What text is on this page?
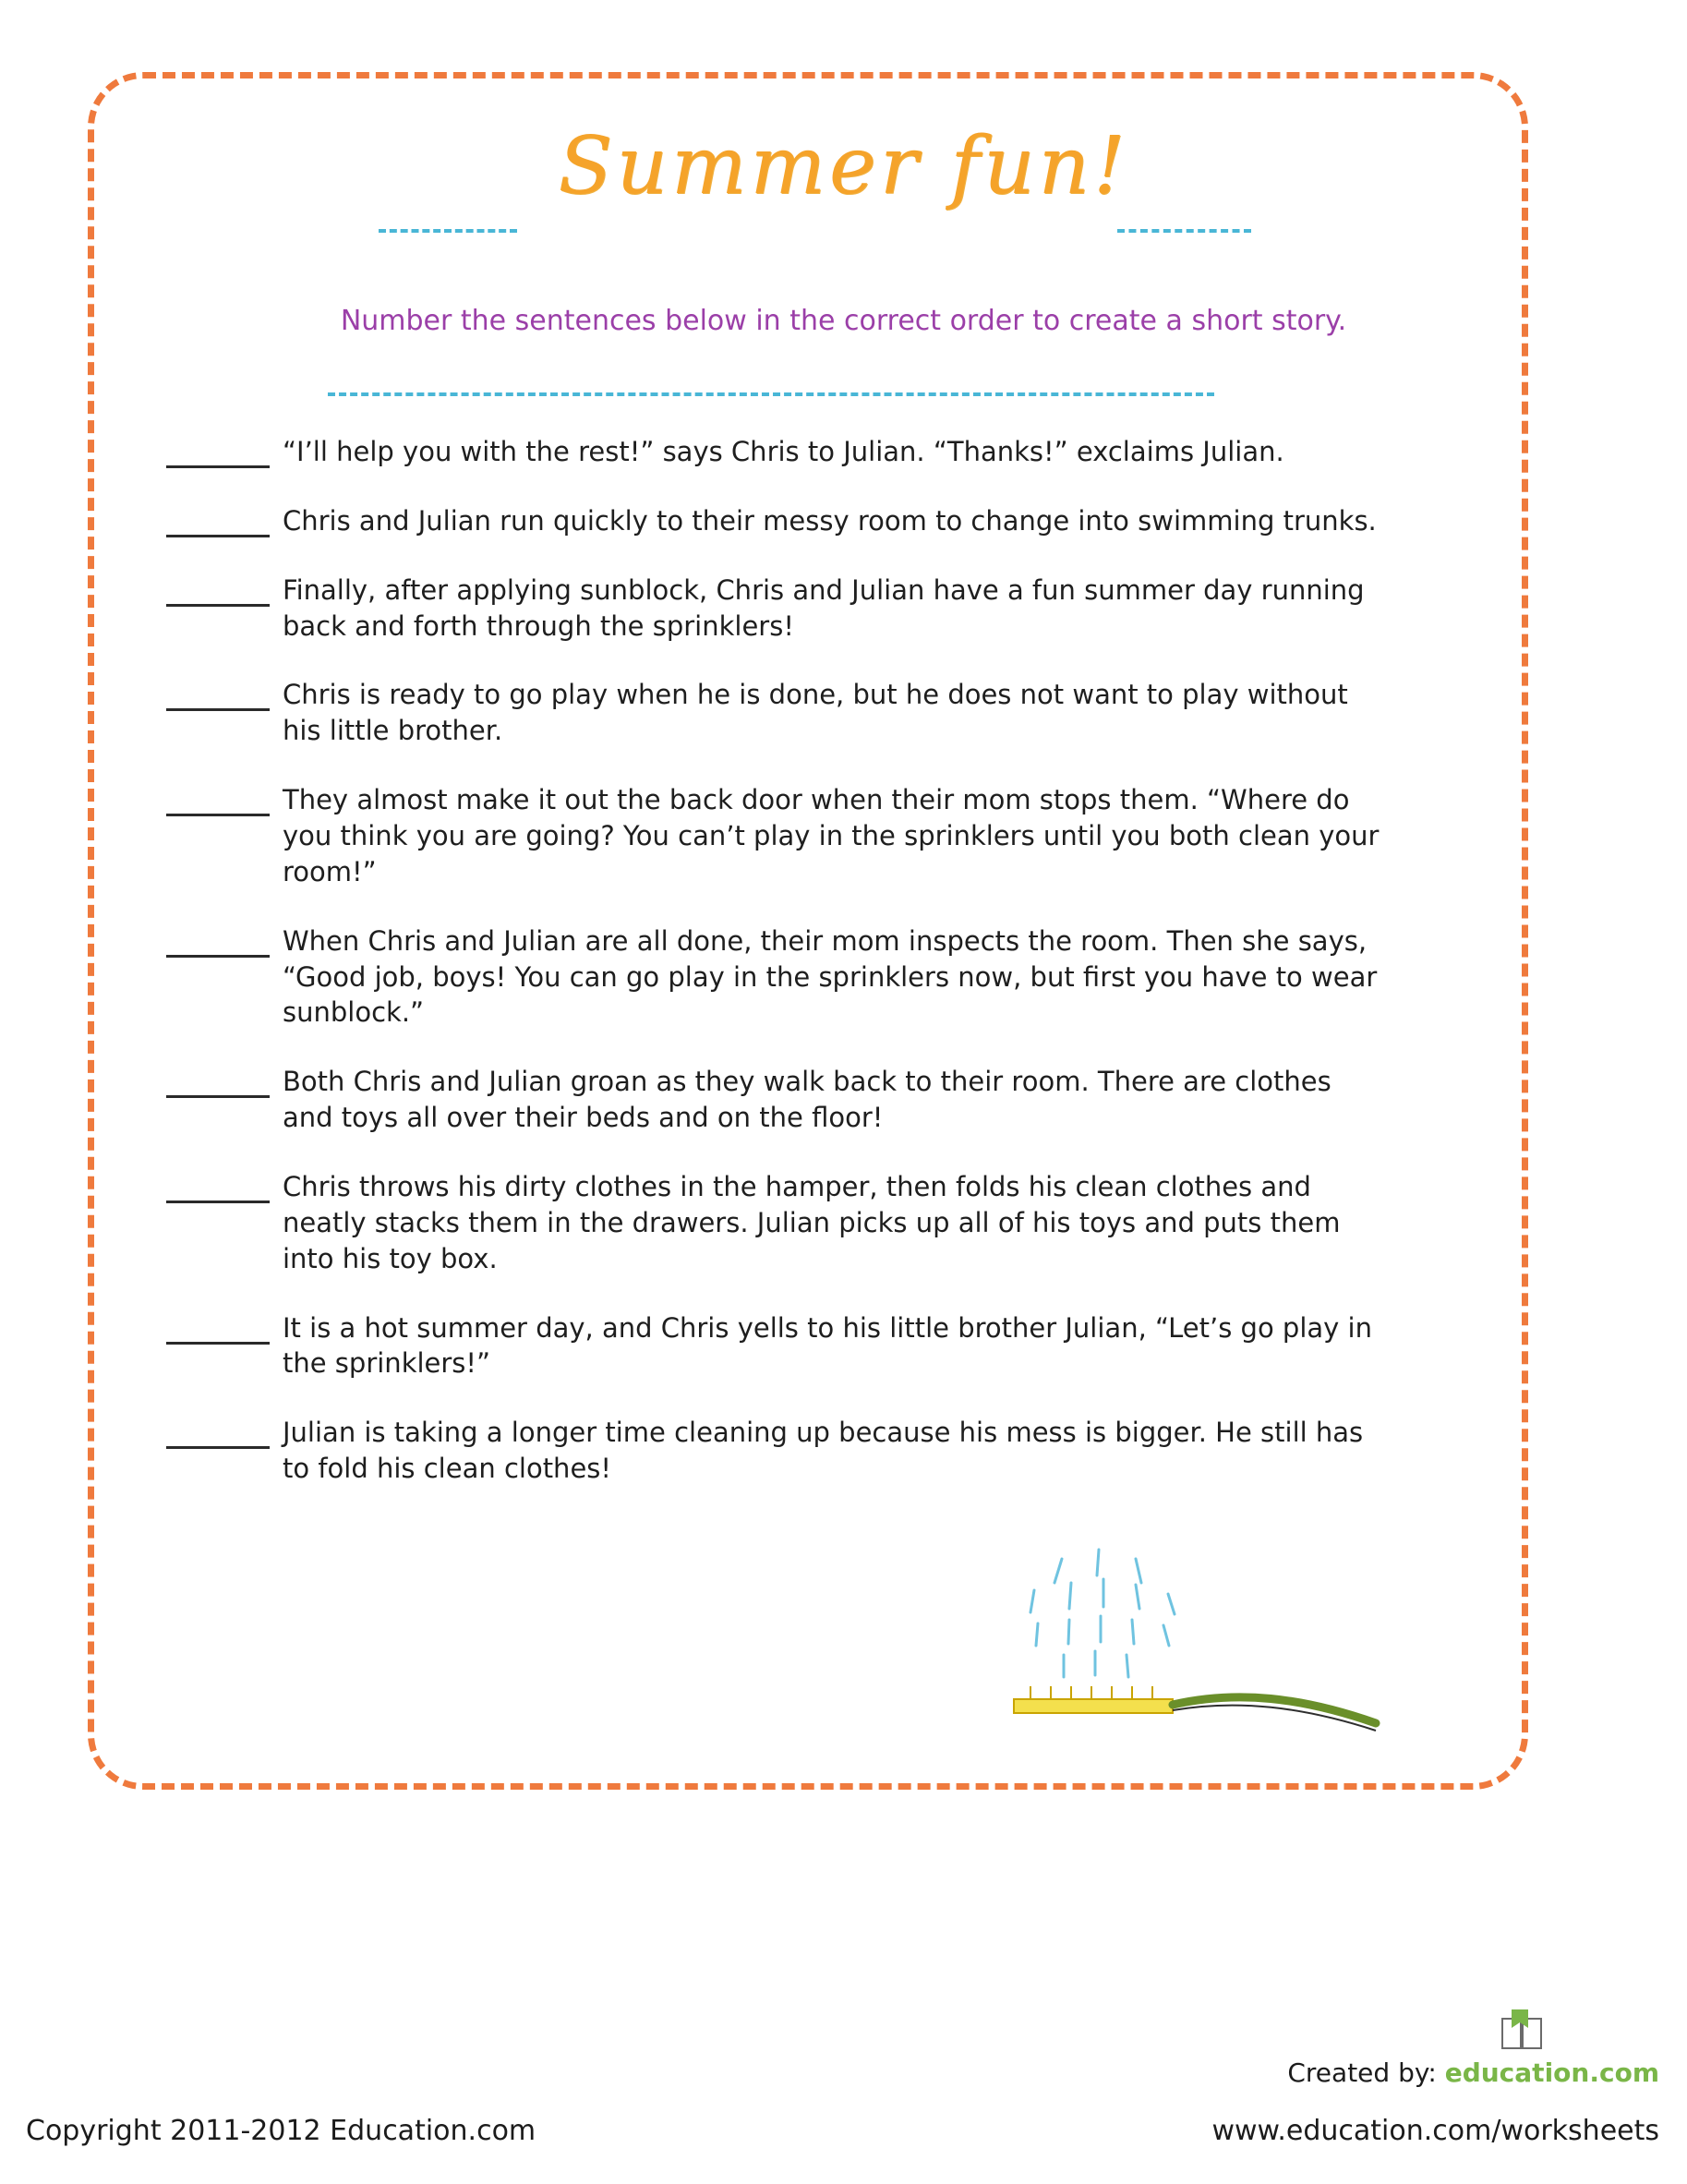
Summer fun!
Number the sentences below in the correct order to create a short story.
“I’ll help you with the rest!” says Chris to Julian. “Thanks!” exclaims Julian.
Chris and Julian run quickly to their messy room to change into swimming trunks.
Finally, after applying sunblock, Chris and Julian have a fun summer day running back and forth through the sprinklers!
Chris is ready to go play when he is done, but he does not want to play without his little brother.
They almost make it out the back door when their mom stops them. “Where do you think you are going? You can’t play in the sprinklers until you both clean your room!”
When Chris and Julian are all done, their mom inspects the room. Then she says, “Good job, boys! You can go play in the sprinklers now, but first you have to wear sunblock.”
Both Chris and Julian groan as they walk back to their room. There are clothes and toys all over their beds and on the floor!
Chris throws his dirty clothes in the hamper, then folds his clean clothes and neatly stacks them in the drawers. Julian picks up all of his toys and puts them into his toy box.
It is a hot summer day, and Chris yells to his little brother Julian, “Let’s go play in the sprinklers!”
Julian is taking a longer time cleaning up because his mess is bigger. He still has to fold his clean clothes!
Created by: education.com
Copyright 2011-2012 Education.com	www.education.com/worksheets
